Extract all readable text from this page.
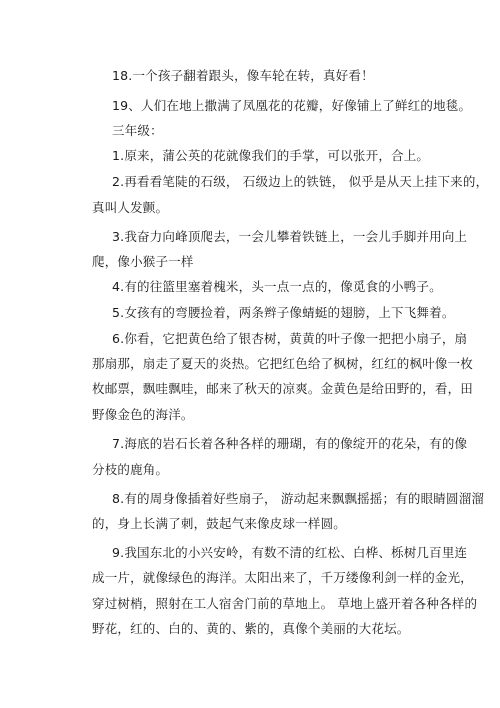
18.一个孩子翻着跟头，像车轮在转，真好看！
19、人们在地上撒满了凤凰花的花瓣，好像铺上了鲜红的地毯。
三年级：
1.原来，蒲公英的花就像我们的手掌，可以张开，合上。
2.再看看笔陡的石级， 石级边上的铁链， 似乎是从天上挂下来的，
真叫人发颤。
3.我奋力向峰顶爬去，一会儿攀着铁链上，一会儿手脚并用向上
爬，像小猴子一样
4.有的往篮里塞着槐米，头一点一点的，像觅食的小鸭子。
5.女孩有的弯腰捡着，两条辫子像蜻蜓的翅膀，上下飞舞着。
6.你看，它把黄色给了银杏树，黄黄的叶子像一把把小扇子，扇
那扇那，扇走了夏天的炎热。它把红色给了枫树，红红的枫叶像一枚
枚邮票，飘哇飘哇，邮来了秋天的凉爽。金黄色是给田野的，看，田
野像金色的海洋。
7.海底的岩石长着各种各样的珊瑚，有的像绽开的花朵，有的像
分枝的鹿角。
8.有的周身像插着好些扇子， 游动起来飘飘摇摇；有的眼睛圆溜溜
的，身上长满了刺，鼓起气来像皮球一样圆。
9.我国东北的小兴安岭，有数不清的红松、白桦、栎树几百里连
成一片，就像绿色的海洋。太阳出来了，千万缕像利剑一样的金光，
穿过树梢，照射在工人宿舍门前的草地上。 草地上盛开着各种各样的
野花，红的、白的、黄的、紫的，真像个美丽的大花坛。
